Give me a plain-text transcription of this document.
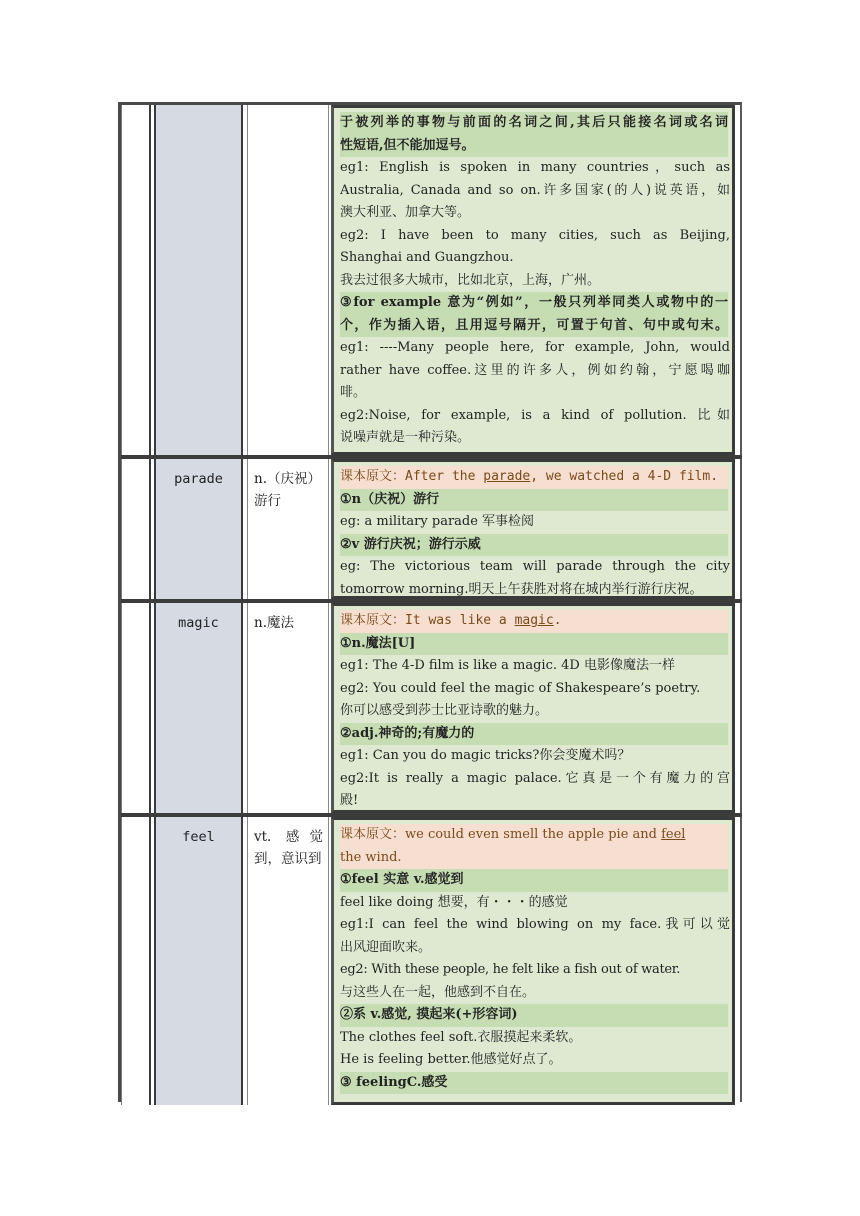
于被列举的事物与前面的名词之间,其后只能接名词或名词
性短语,但不能加逗号。
eg1: English is spoken in many countries，such as
Australia, Canada and so on.许多国家(的人)说英语，如
澳大利亚、加拿大等。
eg2: I have been to many cities, such as Beijing,
Shanghai and Guangzhou.
我去过很多大城市，比如北京，上海，广州。
③for example 意为“例如”，一般只列举同类人或物中的一
个，作为插入语，且用逗号隔开，可置于句首、句中或句末。
eg1: ----Many people here, for example, John, would
rather have coffee.这里的许多人，例如约翰，宁愿喝咖
啡。
eg2:Noise, for example, is a kind of pollution. 比如
说噪声就是一种污染。
parade	n.（庆祝）游行
课本原文：After the parade, we watched a 4-D film.
①n（庆祝）游行
eg: a military parade 军事检阅
②v 游行庆祝；游行示威
eg: The victorious team will parade through the city
tomorrow morning.明天上午获胜对将在城内举行游行庆祝。
magic	n.魔法	课本原文：It was like a magic.
①n.魔法[U]
eg1: The 4-D film is like a magic. 4D 电影像魔法一样
eg2: You could feel the magic of Shakespeare’s poetry.
你可以感受到莎士比亚诗歌的魅力。
②adj.神奇的;有魔力的
eg1: Can you do magic tricks?你会变魔术吗？
eg2:It is really a magic palace.它真是一个有魔力的宫
殿!
feel	vt. 感觉到，意识到
课本原文：we could even smell the apple pie and feel
the wind.
①feel 实意 v.感觉到
feel like doing 想要，有・・・的感觉
eg1:I can feel the wind blowing on my face.我可以觉
出风迎面吹来。
eg2: With these people, he felt like a fish out of water.
与这些人在一起，他感到不自在。
②系 v.感觉, 摸起来(+形容词)
The clothes feel soft.衣服摸起来柔软。
He is feeling better.他感觉好点了。
③ feelingC.感受
